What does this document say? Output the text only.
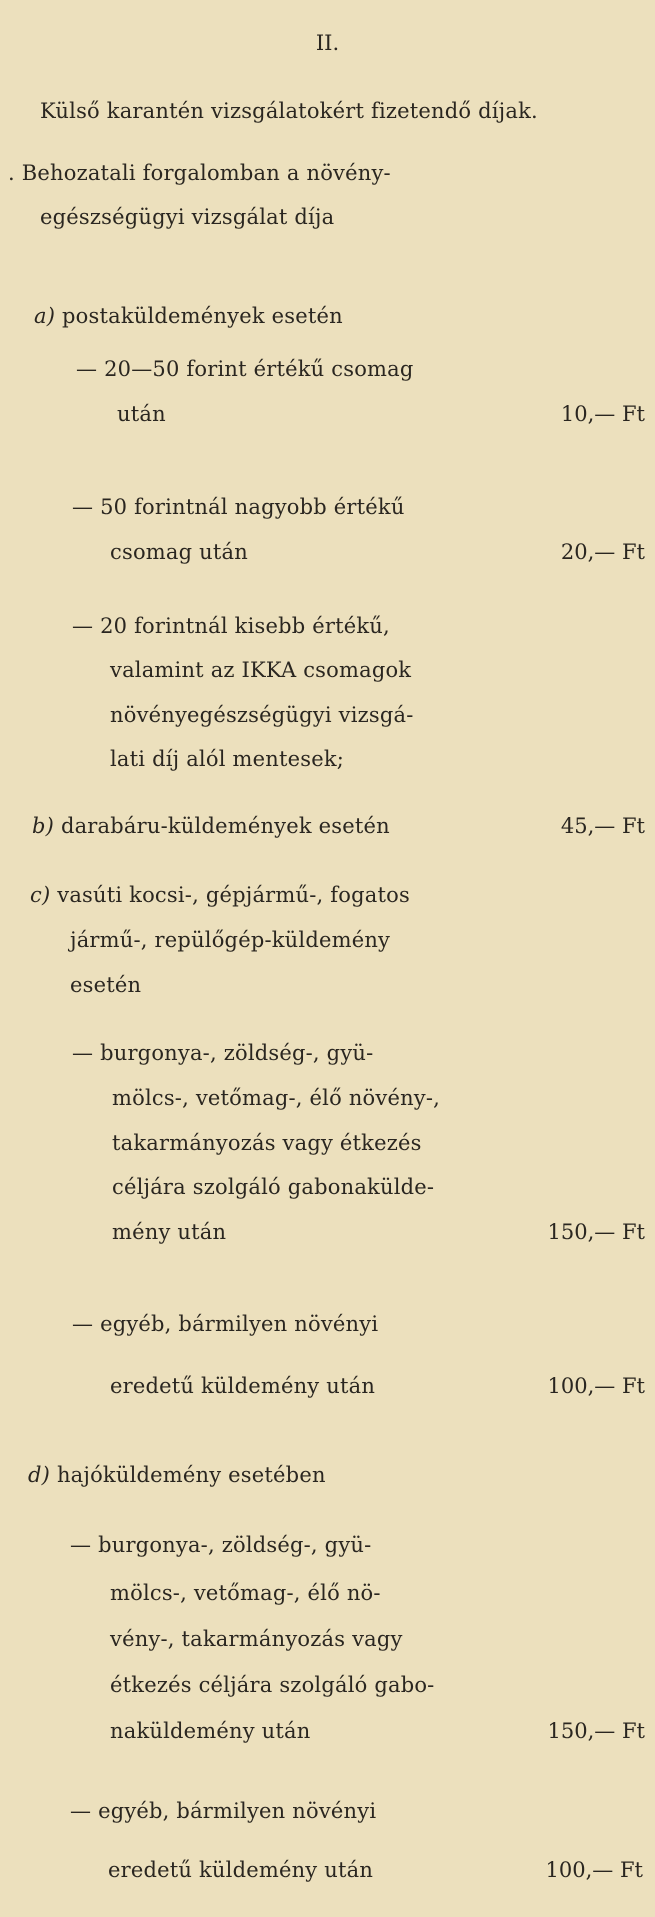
II.
Külső karantén vizsgálatokért fizetendő díjak.
. Behozatali forgalomban a növény-
egészségügyi vizsgálat díja
a) postaküldemények esetén
— 20—50 forint értékű csomag
után	10,— Ft
— 50 forintnál nagyobb értékű
csomag után	20,— Ft
— 20 forintnál kisebb értékű,
valamint az IKKA csomagok
növényegészségügyi vizsgá-
lati díj alól mentesek;
b) darabáru-küldemények esetén	45,— Ft
c) vasúti kocsi-, gépjármű-, fogatos
jármű-, repülőgép-küldemény
esetén
— burgonya-, zöldség-, gyü-
mölcs-, vetőmag-, élő növény-,
takarmányozás vagy étkezés
céljára szolgáló gabonaküldе-
mény után	150,— Ft
— egyéb, bármilyen növényi
eredetű küldemény után	100,— Ft
d) hajóküldemény esetében
— burgonya-, zöldség-, gyü-
mölcs-, vetőmag-, élő nö-
vény-, takarmányozás vagy
étkezés céljára szolgáló gabo-
naküldemény után	150,— Ft
— egyéb, bármilyen növényi
eredetű küldemény után	100,— Ft
